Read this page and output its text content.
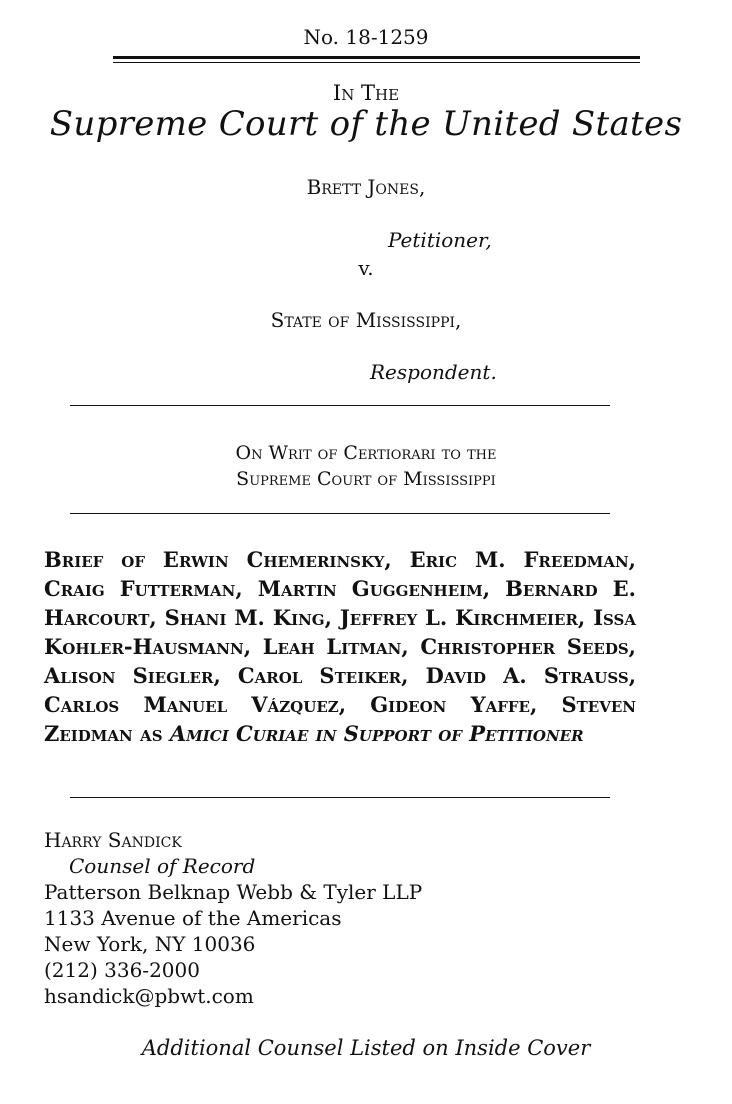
No. 18-1259
In The
Supreme Court of the United States
Brett Jones,
Petitioner,
v.
State of Mississippi,
Respondent.
On Writ of Certiorari to the
Supreme Court of Mississippi
Brief of Erwin Chemerinsky, Eric M. Freedman, Craig Futterman, Martin Guggenheim, Bernard E. Harcourt, Shani M. King, Jeffrey L. Kirchmeier, Issa Kohler-Hausmann, Leah Litman, Christopher Seeds, Alison Siegler, Carol Steiker, David A. Strauss, Carlos Manuel Vázquez, Gideon Yaffe, Steven Zeidman as Amici Curiae in Support of Petitioner
Harry Sandick
Counsel of Record
Patterson Belknap Webb & Tyler LLP
1133 Avenue of the Americas
New York, NY 10036
(212) 336-2000
hsandick@pbwt.com
Additional Counsel Listed on Inside Cover
